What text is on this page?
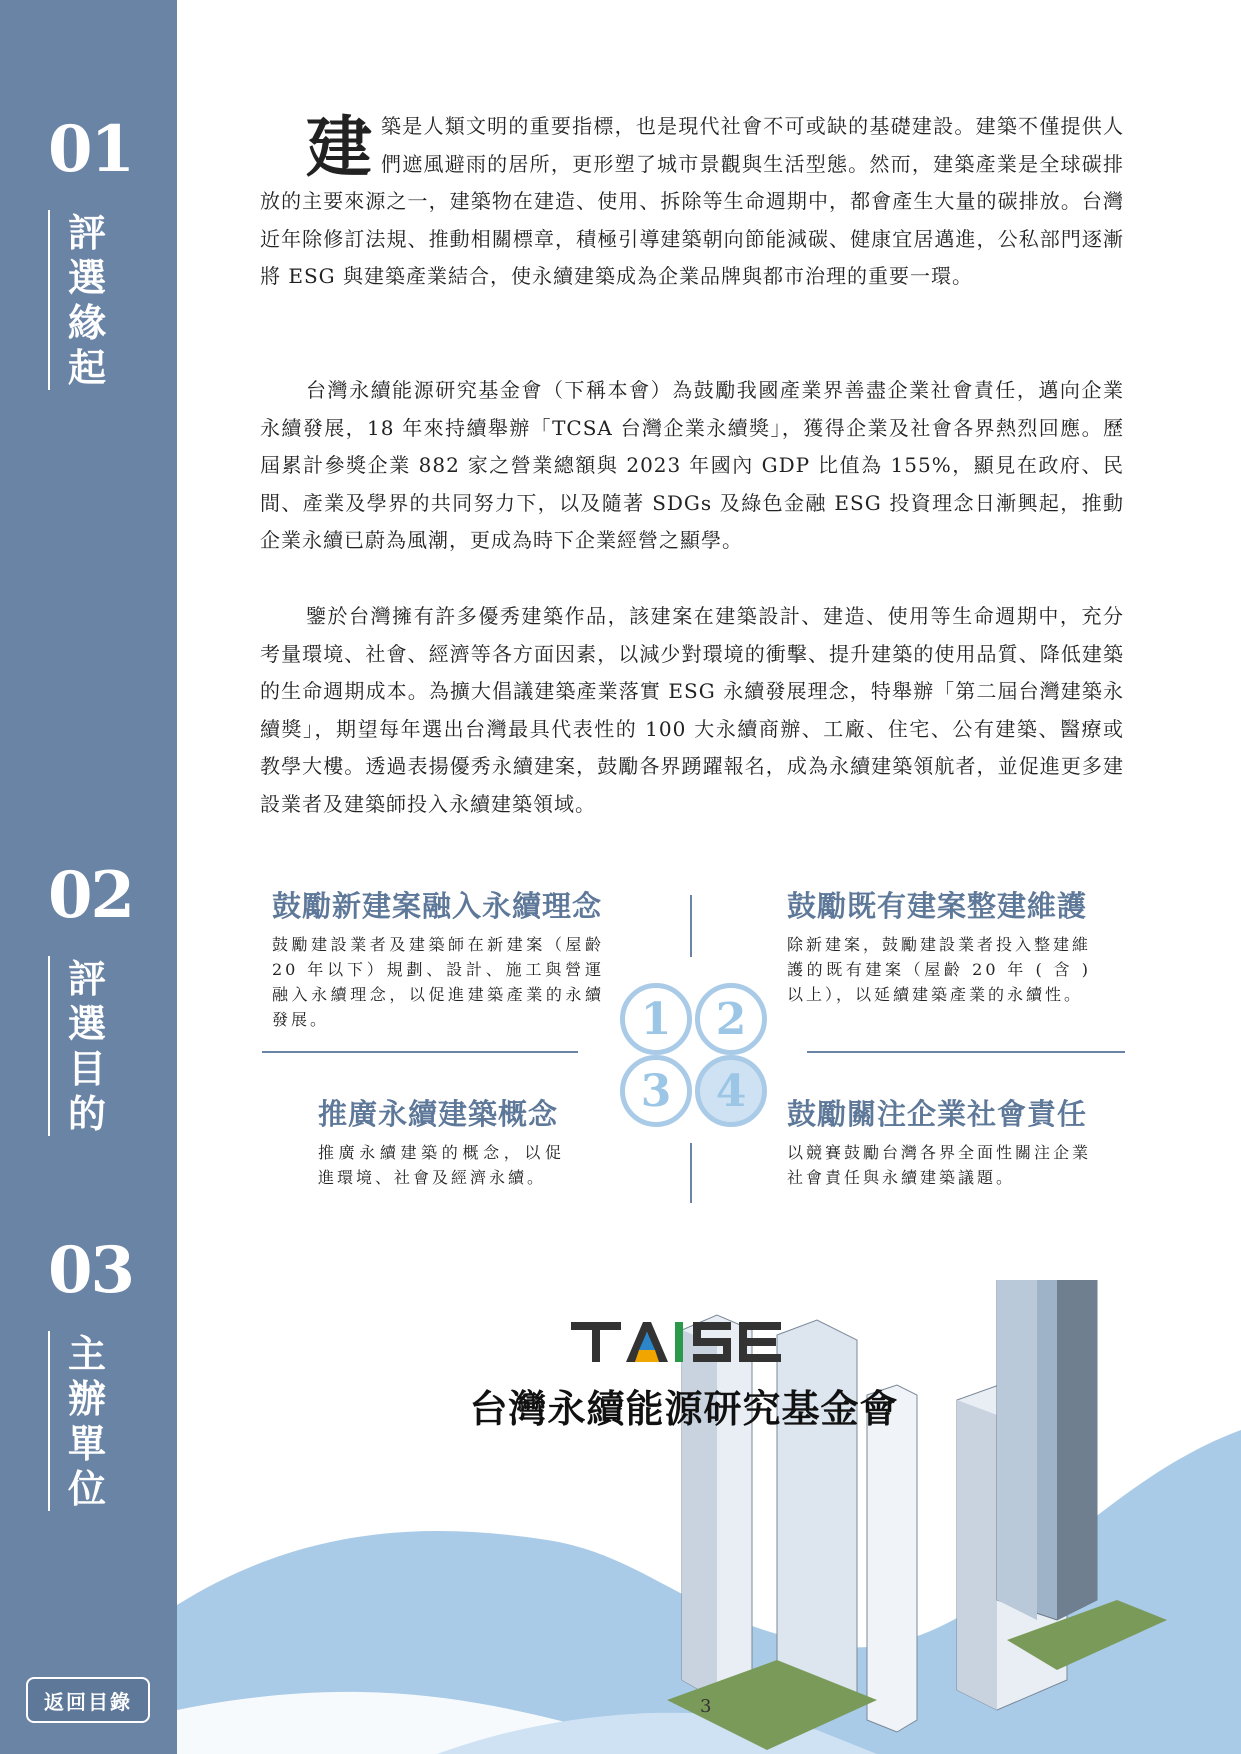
01
評選緣起
02
評選目的
03
主辦單位
返回目錄
建 築是人類文明的重要指標，也是現代社會不可或缺的基礎建設。建築不僅提供人們遮風避雨的居所，更形塑了城市景觀與生活型態。然而，建築產業是全球碳排放的主要來源之一，建築物在建造、使用、拆除等生命週期中，都會產生大量的碳排放。台灣近年除修訂法規、推動相關標章，積極引導建築朝向節能減碳、健康宜居邁進，公私部門逐漸將 ESG 與建築產業結合，使永續建築成為企業品牌與都市治理的重要一環。
台灣永續能源研究基金會（下稱本會）為鼓勵我國產業界善盡企業社會責任，邁向企業永續發展，18 年來持續舉辦「TCSA 台灣企業永續獎」，獲得企業及社會各界熱烈回應。歷屆累計參獎企業 882 家之營業總額與 2023 年國內 GDP 比值為 155%，顯見在政府、民間、產業及學界的共同努力下，以及隨著 SDGs 及綠色金融 ESG 投資理念日漸興起，推動企業永續已蔚為風潮，更成為時下企業經營之顯學。
鑒於台灣擁有許多優秀建築作品，該建案在建築設計、建造、使用等生命週期中，充分考量環境、社會、經濟等各方面因素，以減少對環境的衝擊、提升建築的使用品質、降低建築的生命週期成本。為擴大倡議建築產業落實 ESG 永續發展理念，特舉辦「第二屆台灣建築永續獎」，期望每年選出台灣最具代表性的 100 大永續商辦、工廠、住宅、公有建築、醫療或教學大樓。透過表揚優秀永續建案，鼓勵各界踴躍報名，成為永續建築領航者，並促進更多建設業者及建築師投入永續建築領域。
鼓勵新建案融入永續理念
鼓勵建設業者及建築師在新建案（屋齡 20 年以下）規劃、設計、施工與營運融入永續理念，以促進建築產業的永續發展。
鼓勵既有建案整建維護
除新建案，鼓勵建設業者投入整建維護的既有建案（屋齡 20 年 ( 含 ) 以上），以延續建築產業的永續性。
推廣永續建築概念
推廣永續建築的概念，以促進環境、社會及經濟永續。
鼓勵關注企業社會責任
以競賽鼓勵台灣各界全面性關注企業社會責任與永續建築議題。
1	2
3	4
台灣永續能源研究基金會
3
